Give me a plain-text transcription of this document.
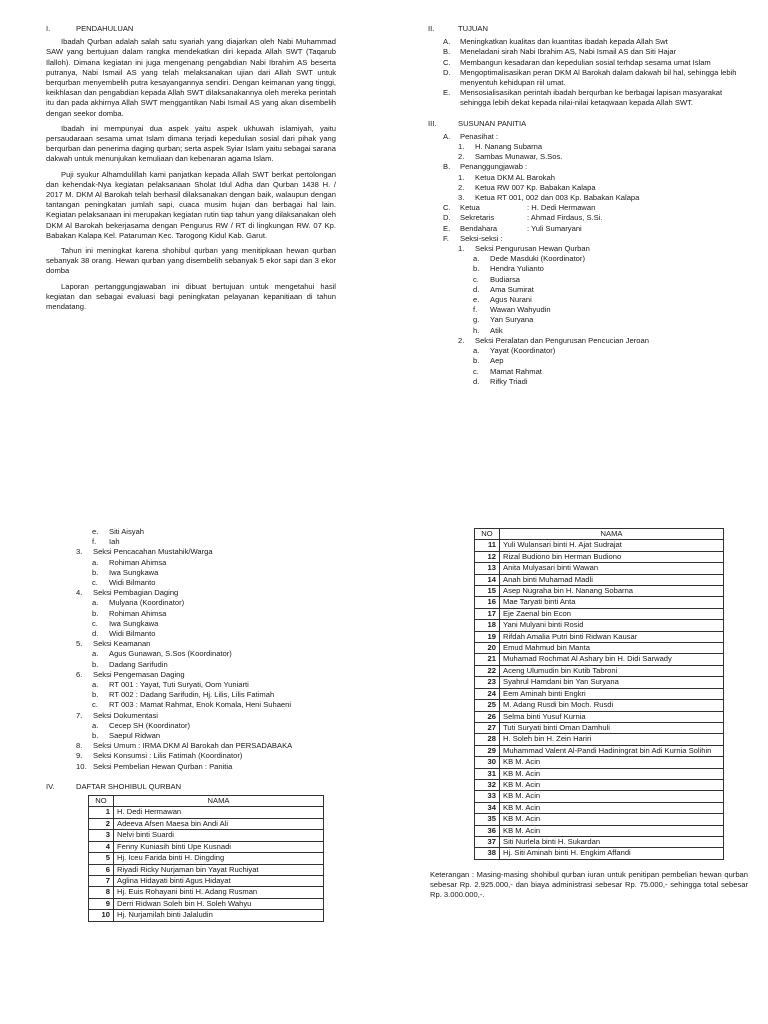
I.	PENDAHULUAN

Ibadah Qurban adalah salah satu syariah yang diajarkan oleh Nabi Muhammad SAW yang bertujuan dalam rangka mendekatkan diri kepada Allah SWT (Taqarub Ilalloh). Dimana kegiatan ini juga mengenang pengabdian Nabi Ibrahim AS beserta putranya, Nabi Ismail AS yang telah melaksanakan ujian dari Allah SWT untuk berqurban menyembelih putra kesayangannya sendiri. Dengan keimanan yang tinggi, keikhlasan dan pengabdian kepada Allah SWT dilaksanakannya oleh mereka perintah itu dan pada akhirnya Allah SWT menggantikan Nabi Ismail AS yang akan disembelih dengan seekor domba.

Ibadah ini mempunyai dua aspek yaitu aspek ukhuwah islamiyah, yaitu persaudaraan sesama umat Islam dimana terjadi kepedulian sosial dari pihak yang berqurban dan penerima daging qurban; serta aspek Syiar Islam yaitu sebagai sarana dakwah untuk menunjukan kemuliaan dan kebenaran agama Islam.

Puji syukur Alhamdulillah kami panjatkan kepada Allah SWT berkat pertolongan dan kehendak-Nya kegiatan pelaksanaan Sholat Idul Adha dan Qurban 1438 H. / 2017 M. DKM Al Barokah telah berhasil dilaksanakan dengan baik, walaupun dengan tantangan peningkatan jumlah sapi, cuaca musim hujan dan berbagai hal lain. Kegiatan pelaksanaan ini merupakan kegiatan rutin tiap tahun yang dilaksanakan oleh DKM Al Barokah bekerjasama dengan Pengurus RW / RT di lingkungan RW. 07 Kp. Babakan Kalapa Kel. Pataruman Kec. Tarogong Kidul Kab. Garut.

Tahun ini meningkat karena shohibul qurban yang menitipkaan hewan qurban sebanyak 38 orang. Hewan qurban yang disembelih sebanyak 5 ekor sapi dan 3 ekor domba

Laporan pertanggungjawaban ini dibuat bertujuan untuk mengetahui hasil kegiatan dan sebagai evaluasi bagi peningkatan pelayanan kepanitiaan di tahun mendatang.

II.	TUJUAN
A.	Meningkatkan kualitas dan kuantitas ibadah kepada Allah Swt
B.	Meneladani sirah Nabi Ibrahim AS, Nabi Ismail AS dan Siti Hajar
C.	Membangun kesadaran dan kepedulian sosial terhdap sesama umat Islam
D.	Mengoptimalisasikan peran DKM Al Barokah dalam dakwah bil hal, sehingga lebih menyentuh kehidupan riil umat.
E.	Mensosialisasikan perintah ibadah berqurban ke berbagai lapisan masyarakat sehingga lebih dekat kepada nilai-nilai ketaqwaan kepada Allah SWT.
III.	SUSUNAN PANITIA
A.	Penasihat :
1.	H. Nanang Subarna
2.	Sambas Munawar, S.Sos.
B.	Penanggungjawab :
1.	Ketua DKM AL Barokah
2.	Ketua RW 007 Kp. Babakan Kalapa
3.	Ketua RT 001, 002 dan 003 Kp. Babakan Kalapa
C.	Ketua	: H. Dedi Hermawan
D.	Sekretaris	: Ahmad Firdaus, S.Si.
E.	Bendahara	: Yuli Sumaryani
F.	Seksi-seksi :
1.	Seksi Pengurusan Hewan Qurban
a.	Dede Masduki (Koordinator)
b.	Hendra Yulianto
c.	Budiarsa
d.	Ama Sumirat
e.	Agus Nurani
f.	Wawan Wahyudin
g.	Yan Suryana
h.	Atik
2.	Seksi Peralatan dan Pengurusan Pencucian Jeroan
a.	Yayat (Koordinator)
b.	Aep
c.	Mamat Rahmat
d.	Rifky Triadi
e.	Siti Aisyah
f.	Iah
3.	Seksi Pencacahan Mustahik/Warga
a.	Rohiman Ahimsa
b.	Iwa Sungkawa
c.	Widi Bilmanto
4.	Seksi Pembagian Daging
a.	Mulyana (Koordinator)
b.	Rohiman Ahimsa
c.	Iwa Sungkawa
d.	Widi Bilmanto
5.	Seksi Keamanan
a.	Agus Gunawan, S.Sos (Koordinator)
b.	Dadang Sarifudin
6.	Seksi Pengemasan Daging
a.	RT 001 : Yayat, Tuti Suryati, Oom Yuniarti
b.	RT 002 : Dadang Sarifudin, Hj. Lilis, Lilis Fatimah
c.	RT 003 : Mamat Rahmat, Enok Komala, Heni Suhaeni
7.	Seksi Dokumentasi
a.	Cecep SH (Koordinator)
b.	Saepul Ridwan
8.	Seksi Umum : IRMA DKM Al Barokah dan PERSADABAKA
9.	Seksi Konsumsi : Lilis Fatimah (Koordinator)
10. Seksi Pembelian Hewan Qurban : Panitia
IV.	DAFTAR SHOHIBUL QURBAN
NO	NAMA
1	H. Dedi Hermawan
2	Adeeva Afsen Maesa bin Andi Ali
3	Nelvi binti Suardi
4	Fenny Kuniasih binti Upe Kusnadi
5	Hj. Iceu Farida binti H. Dingding
6	Riyadi Ricky Nurjaman bin Yayat Ruchiyat
7	Aglina Hidayati binti Agus Hidayat
8	Hj. Euis Rohayani binti H. Adang Rusman
9	Derri Ridwan Soleh bin H. Soleh Wahyu
10	Hj. Nurjamilah binti Jalaludin
NO	NAMA
11	Yuli Wulansari binti H. Ajat Sudrajat
12	Rizal Budiono bin Herman Budiono
13	Anita Mulyasari binti Wawan
14	Anah binti Muhamad Madli
15	Asep Nugraha bin H. Nanang Sobarna
16	Mae Taryati binti Anta
17	Eje Zaenal bin Econ
18	Yani Mulyani binti Rosid
19	Rifdah Amalia Putri binti Ridwan Kausar
20	Emud Mahmud bin Manta
21	Muhamad Rochmat Al Ashary bin H. Didi Sarwady
22	Aceng Ulumudin bin Kutib Tabroni
23	Syahrul Hamdani bin Yan Suryana
24	Eem Aminah binti Engkri
25	M. Adang Rusdi bin Moch. Rusdi
26	Selma binti Yusuf Kurnia
27	Tuti Suryati binti Oman Damhuli
28	H. Soleh bin H. Zein Hariri
29	Muhammad Valent Al-Pandi Hadiningrat bin Adi Kurnia Solihin
30	KB M. Acin
31	KB M. Acin
32	KB M. Acin
33	KB M. Acin
34	KB M. Acin
35	KB M. Acin
36	KB M. Acin
37	Siti Nurlela binti H. Sukardan
38	Hj. Siti Aminah binti H. Engkim Affandi

Keterangan : Masing-masing shohibul qurban iuran untuk penitipan pembelian hewan qurban sebesar Rp. 2.925.000,- dan biaya administrasi sebesar Rp. 75.000,- sehingga total sebesar Rp. 3.000.000,-.
